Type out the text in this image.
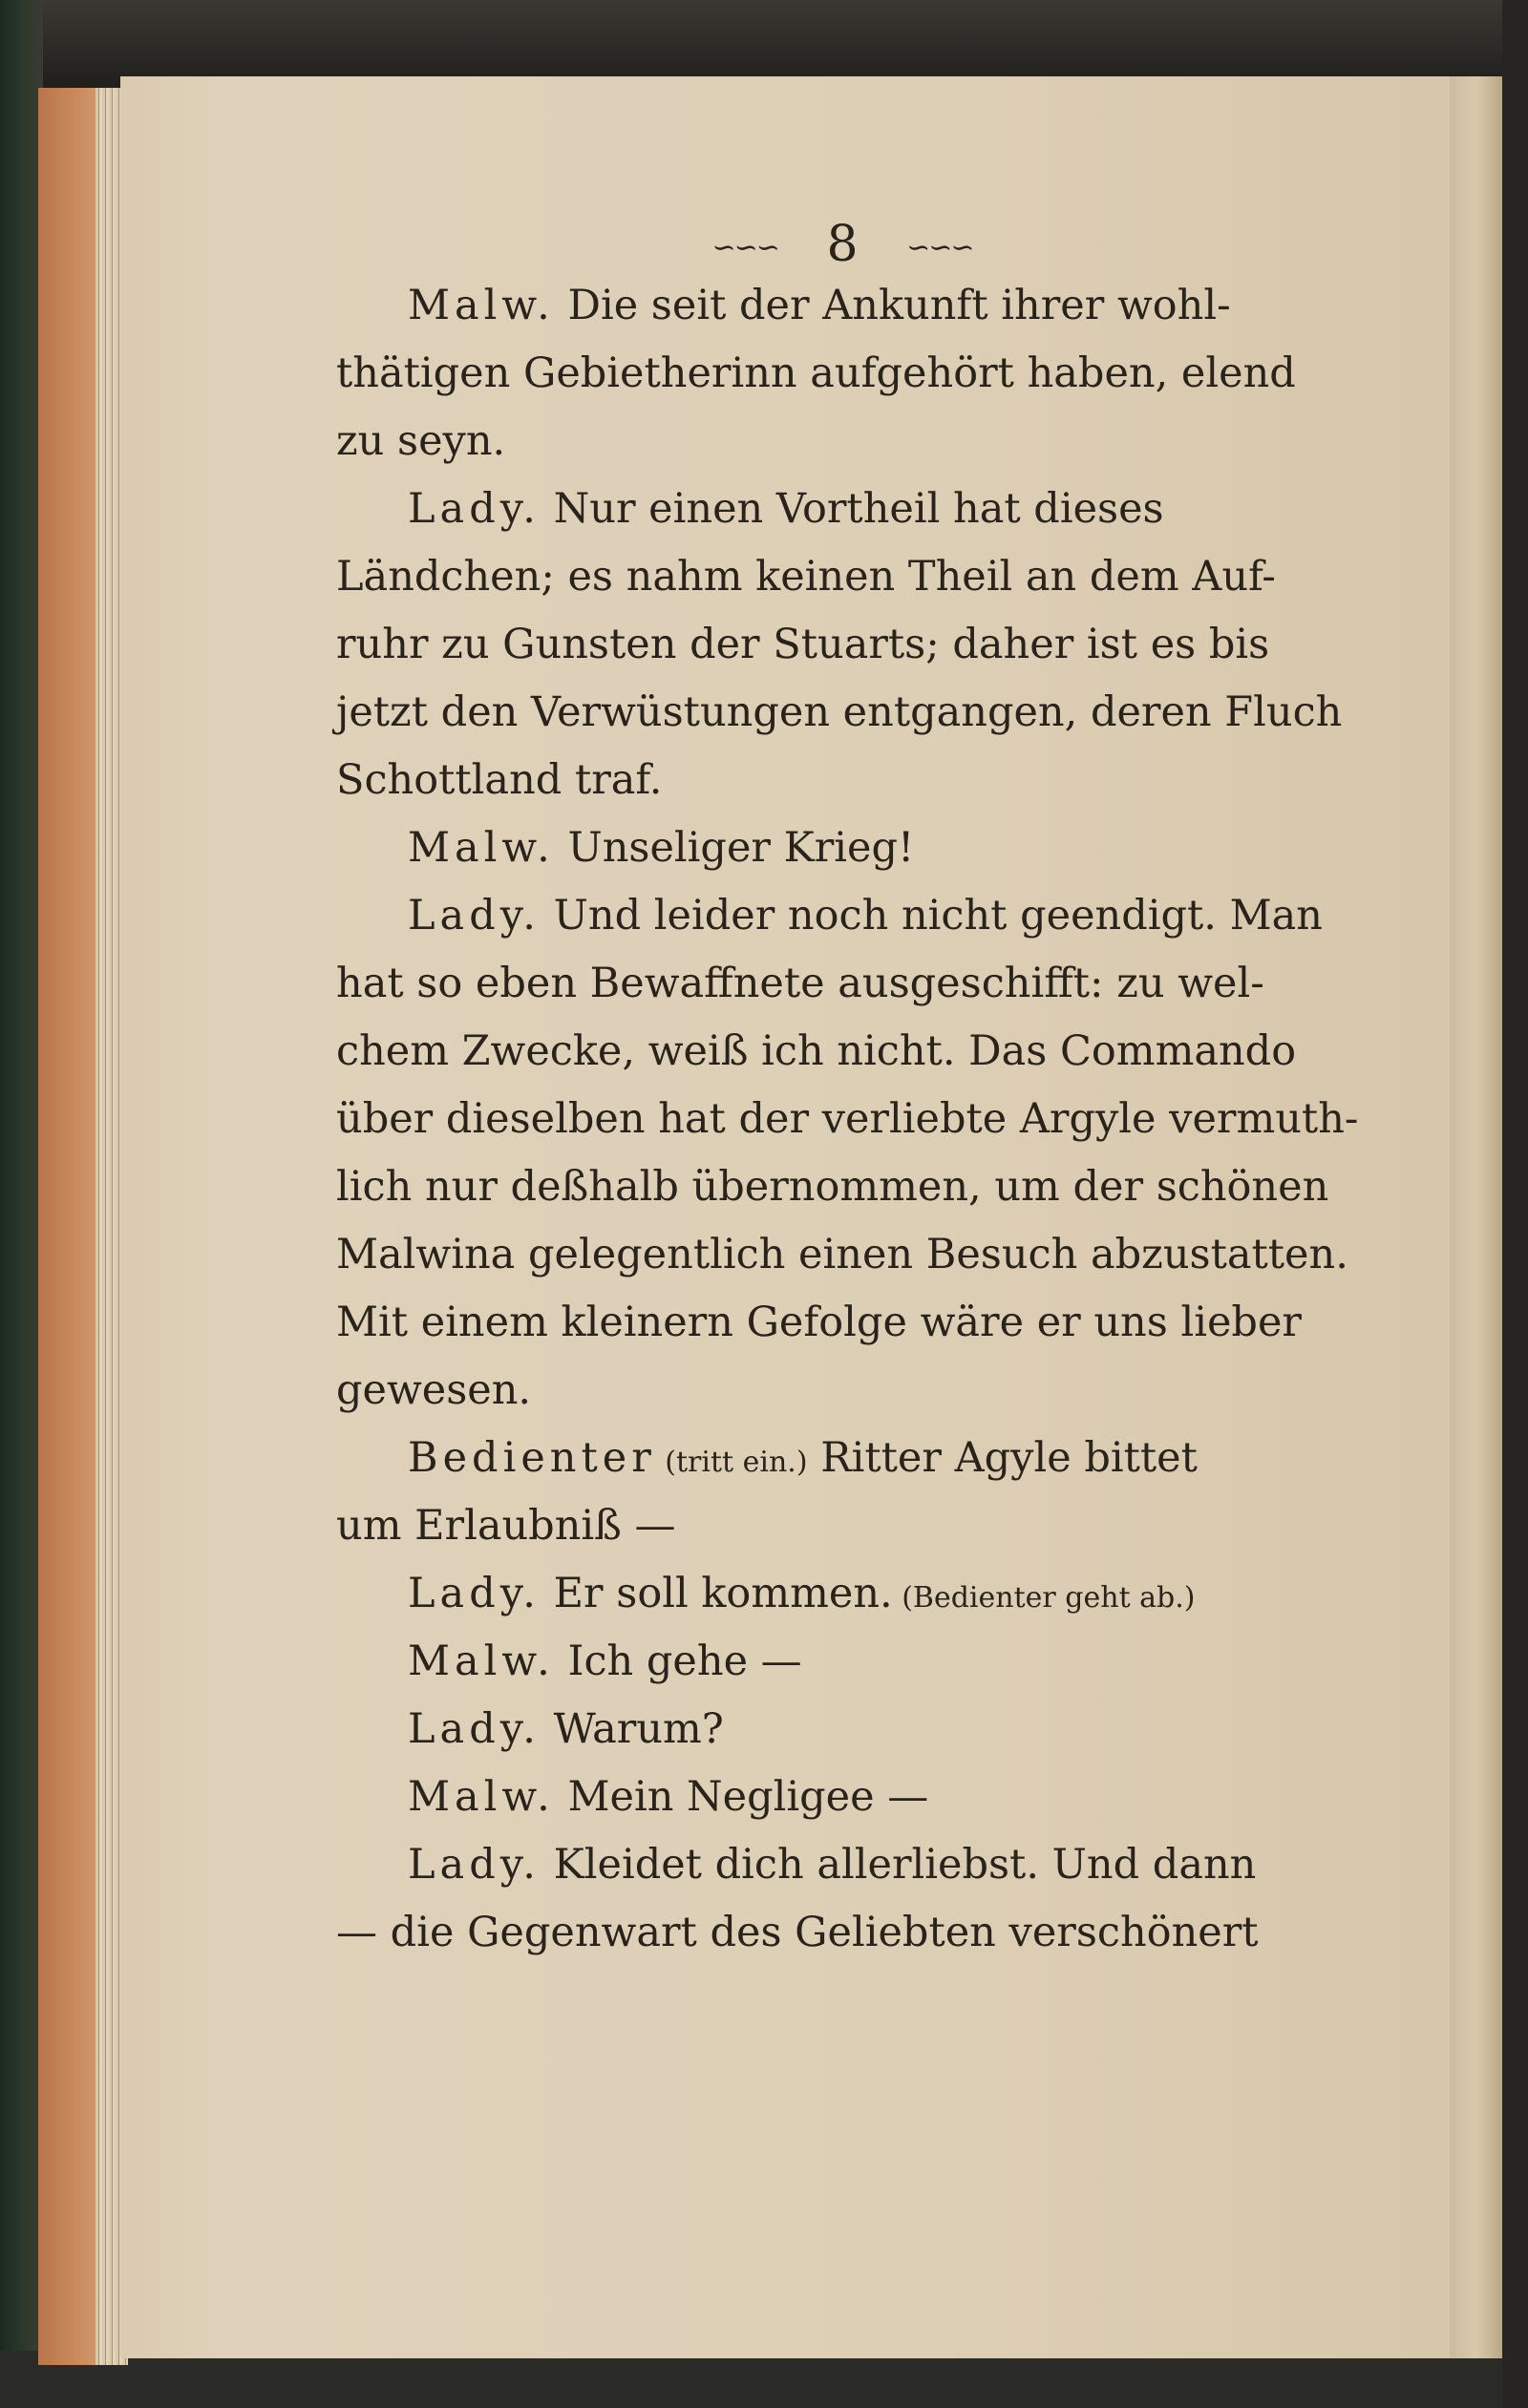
∽∽∽ 8 ∽∽∽
Malw. Die seit der Ankunft ihrer wohl-
thätigen Gebietherinn aufgehört haben, elend
zu seyn.
Lady. Nur einen Vortheil hat dieses
Ländchen; es nahm keinen Theil an dem Auf-
ruhr zu Gunsten der Stuarts; daher ist es bis
jetzt den Verwüstungen entgangen, deren Fluch
Schottland traf.
Malw. Unseliger Krieg!
Lady. Und leider noch nicht geendigt. Man
hat so eben Bewaffnete ausgeschifft: zu wel-
chem Zwecke, weiß ich nicht. Das Commando
über dieselben hat der verliebte Argyle vermuth-
lich nur deßhalb übernommen, um der schönen
Malwina gelegentlich einen Besuch abzustatten.
Mit einem kleinern Gefolge wäre er uns lieber
gewesen.
Bedienter (tritt ein.) Ritter Agyle bittet
um Erlaubniß —
Lady. Er soll kommen. (Bedienter geht ab.)
Malw. Ich gehe —
Lady. Warum?
Malw. Mein Negligee —
Lady. Kleidet dich allerliebst. Und dann
— die Gegenwart des Geliebten verschönert
